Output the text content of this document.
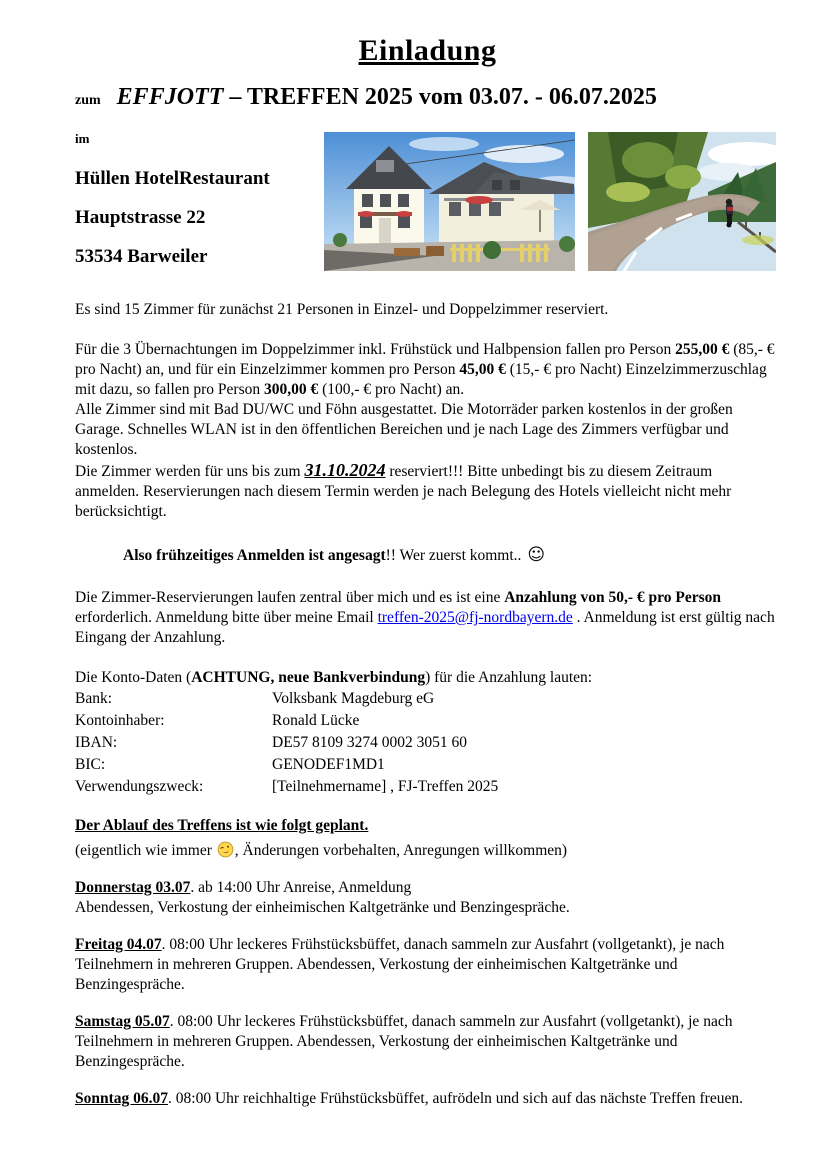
Einladung
zum EFFJOTT – TREFFEN 2025 vom 03.07. - 06.07.2025
im
Hüllen HotelRestaurant
Hauptstrasse 22
53534 Barweiler

Es sind 15 Zimmer für zunächst 21 Personen in Einzel- und Doppelzimmer reserviert.

Für die 3 Übernachtungen im Doppelzimmer inkl. Frühstück und Halbpension fallen pro Person 255,00 € (85,- € pro Nacht) an, und für ein Einzelzimmer kommen pro Person 45,00 € (15,- € pro Nacht) Einzelzimmerzuschlag mit dazu, so fallen pro Person 300,00 € (100,- € pro Nacht) an.
Alle Zimmer sind mit Bad DU/WC und Föhn ausgestattet. Die Motorräder parken kostenlos in der großen Garage. Schnelles WLAN ist in den öffentlichen Bereichen und je nach Lage des Zimmers verfügbar und kostenlos.
Die Zimmer werden für uns bis zum 31.10.2024 reserviert!!! Bitte unbedingt bis zu diesem Zeitraum anmelden. Reservierungen nach diesem Termin werden je nach Belegung des Hotels vielleicht nicht mehr berücksichtigt.

Also frühzeitiges Anmelden ist angesagt!! Wer zuerst kommt.. ☺

Die Zimmer-Reservierungen laufen zentral über mich und es ist eine Anzahlung von 50,- € pro Person erforderlich. Anmeldung bitte über meine Email treffen-2025@fj-nordbayern.de . Anmeldung ist erst gültig nach Eingang der Anzahlung.

Die Konto-Daten (ACHTUNG, neue Bankverbindung) für die Anzahlung lauten:
Bank:	Volksbank Magdeburg eG
Kontoinhaber:	Ronald Lücke
IBAN:	DE57 8109 3274 0002 3051 60
BIC:	GENODEF1MD1
Verwendungszweck:	[Teilnehmername] , FJ-Treffen 2025
Der Ablauf des Treffens ist wie folgt geplant.
(eigentlich wie immer , Änderungen vorbehalten, Anregungen willkommen)
Donnerstag 03.07. ab 14:00 Uhr Anreise, Anmeldung
Abendessen, Verkostung der einheimischen Kaltgetränke und Benzingespräche.
Freitag 04.07. 08:00 Uhr leckeres Frühstücksbüffet, danach sammeln zur Ausfahrt (vollgetankt), je nach Teilnehmern in mehreren Gruppen. Abendessen, Verkostung der einheimischen Kaltgetränke und Benzingespräche.
Samstag 05.07. 08:00 Uhr leckeres Frühstücksbüffet, danach sammeln zur Ausfahrt (vollgetankt), je nach Teilnehmern in mehreren Gruppen. Abendessen, Verkostung der einheimischen Kaltgetränke und Benzingespräche.
Sonntag 06.07. 08:00 Uhr reichhaltige Frühstücksbüffet, aufrödeln und sich auf das nächste Treffen freuen.
